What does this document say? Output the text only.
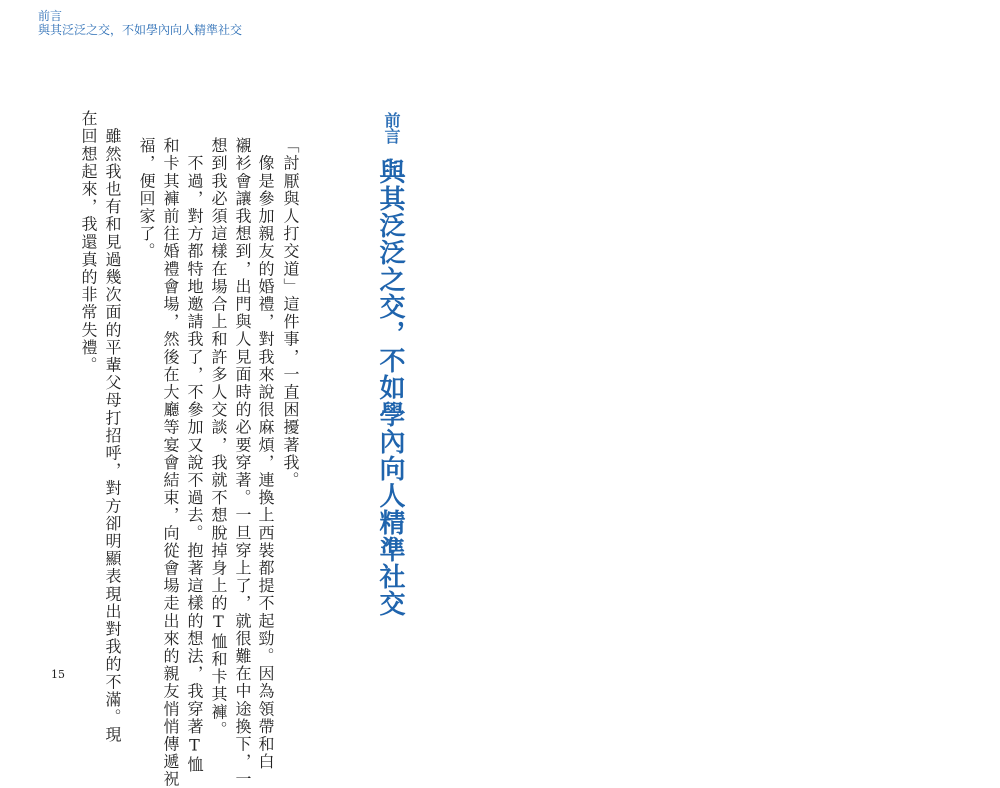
前言
與其泛泛之交，不如學內向人精準社交
前言
與其泛泛之交，不如學內向人精準社交
「討厭與人打交道」這件事，一直困擾著我。
　像是參加親友的婚禮，對我來說很麻煩，連換上西裝都提不起勁。因為領帶和白
襯衫會讓我想到，出門與人見面時的必要穿著。一旦穿上了，就很難在中途換下，一
想到我必須這樣在場合上和許多人交談，我就不想脫掉身上的T恤和卡其褲。
　不過，對方都特地邀請我了，不參加又說不過去。抱著這樣的想法，我穿著T恤
和卡其褲前往婚禮會場，然後在大廳等宴會結束，向從會場走出來的親友悄悄傳遞祝
福，便回家了。
　雖然我也有和見過幾次面的平輩父母打招呼，對方卻明顯表現出對我的不滿。現
在回想起來，我還真的非常失禮。
15
